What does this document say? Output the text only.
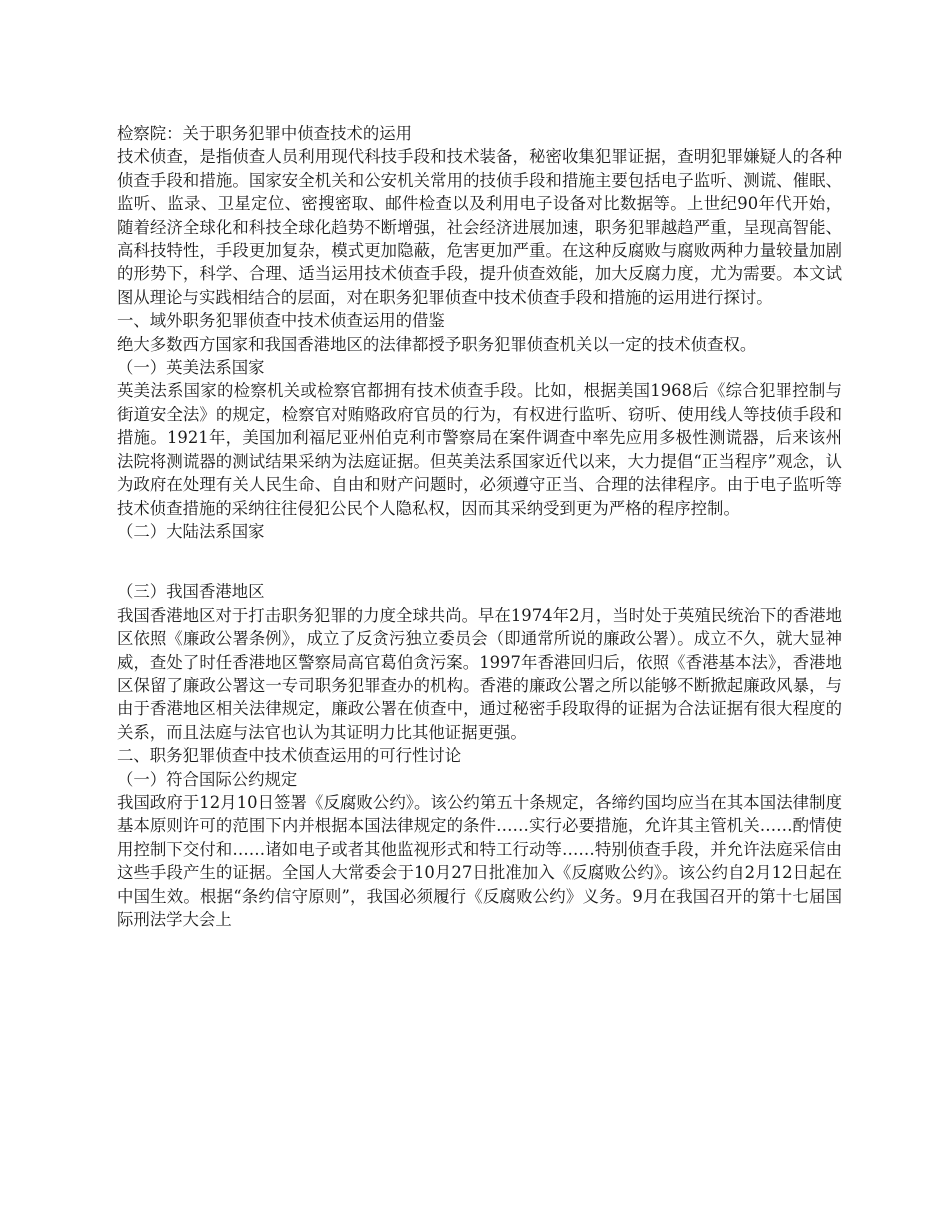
检察院：关于职务犯罪中侦查技术的运用

技术侦查，是指侦查人员利用现代科技手段和技术装备，秘密收集犯罪证据，查明犯罪嫌疑人的各种侦查手段和措施。国家安全机关和公安机关常用的技侦手段和措施主要包括电子监听、测谎、催眠、监听、监录、卫星定位、密搜密取、邮件检查以及利用电子设备对比数据等。上世纪90年代开始，随着经济全球化和科技全球化趋势不断增强，社会经济进展加速，职务犯罪越趋严重，呈现高智能、高科技特性，手段更加复杂，模式更加隐蔽，危害更加严重。在这种反腐败与腐败两种力量较量加剧的形势下，科学、合理、适当运用技术侦查手段，提升侦查效能，加大反腐力度，尤为需要。本文试图从理论与实践相结合的层面，对在职务犯罪侦查中技术侦查手段和措施的运用进行探讨。

一、域外职务犯罪侦查中技术侦查运用的借鉴

绝大多数西方国家和我国香港地区的法律都授予职务犯罪侦查机关以一定的技术侦查权。

（一）英美法系国家

英美法系国家的检察机关或检察官都拥有技术侦查手段。比如，根据美国1968后《综合犯罪控制与街道安全法》的规定，检察官对贿赂政府官员的行为，有权进行监听、窃听、使用线人等技侦手段和措施。1921年，美国加利福尼亚州伯克利市警察局在案件调查中率先应用多极性测谎器，后来该州法院将测谎器的测试结果采纳为法庭证据。但英美法系国家近代以来，大力提倡“正当程序”观念，认为政府在处理有关人民生命、自由和财产问题时，必须遵守正当、合理的法律程序。由于电子监听等技术侦查措施的采纳往往侵犯公民个人隐私权，因而其采纳受到更为严格的程序控制。

（二）大陆法系国家

（三）我国香港地区

我国香港地区对于打击职务犯罪的力度全球共尚。早在1974年2月，当时处于英殖民统治下的香港地区依照《廉政公署条例》，成立了反贪污独立委员会（即通常所说的廉政公署）。成立不久，就大显神威，查处了时任香港地区警察局高官葛伯贪污案。1997年香港回归后，依照《香港基本法》，香港地区保留了廉政公署这一专司职务犯罪查办的机构。香港的廉政公署之所以能够不断掀起廉政风暴，与由于香港地区相关法律规定，廉政公署在侦查中，通过秘密手段取得的证据为合法证据有很大程度的关系，而且法庭与法官也认为其证明力比其他证据更强。

二、职务犯罪侦查中技术侦查运用的可行性讨论

（一）符合国际公约规定

我国政府于12月10日签署《反腐败公约》。该公约第五十条规定，各缔约国均应当在其本国法律制度基本原则许可的范围下内并根据本国法律规定的条件……实行必要措施，允许其主管机关……酌情使用控制下交付和……诸如电子或者其他监视形式和特工行动等……特别侦查手段，并允许法庭采信由这些手段产生的证据。全国人大常委会于10月27日批准加入《反腐败公约》。该公约自2月12日起在中国生效。根据“条约信守原则”，我国必须履行《反腐败公约》义务。9月在我国召开的第十七届国际刑法学大会上
